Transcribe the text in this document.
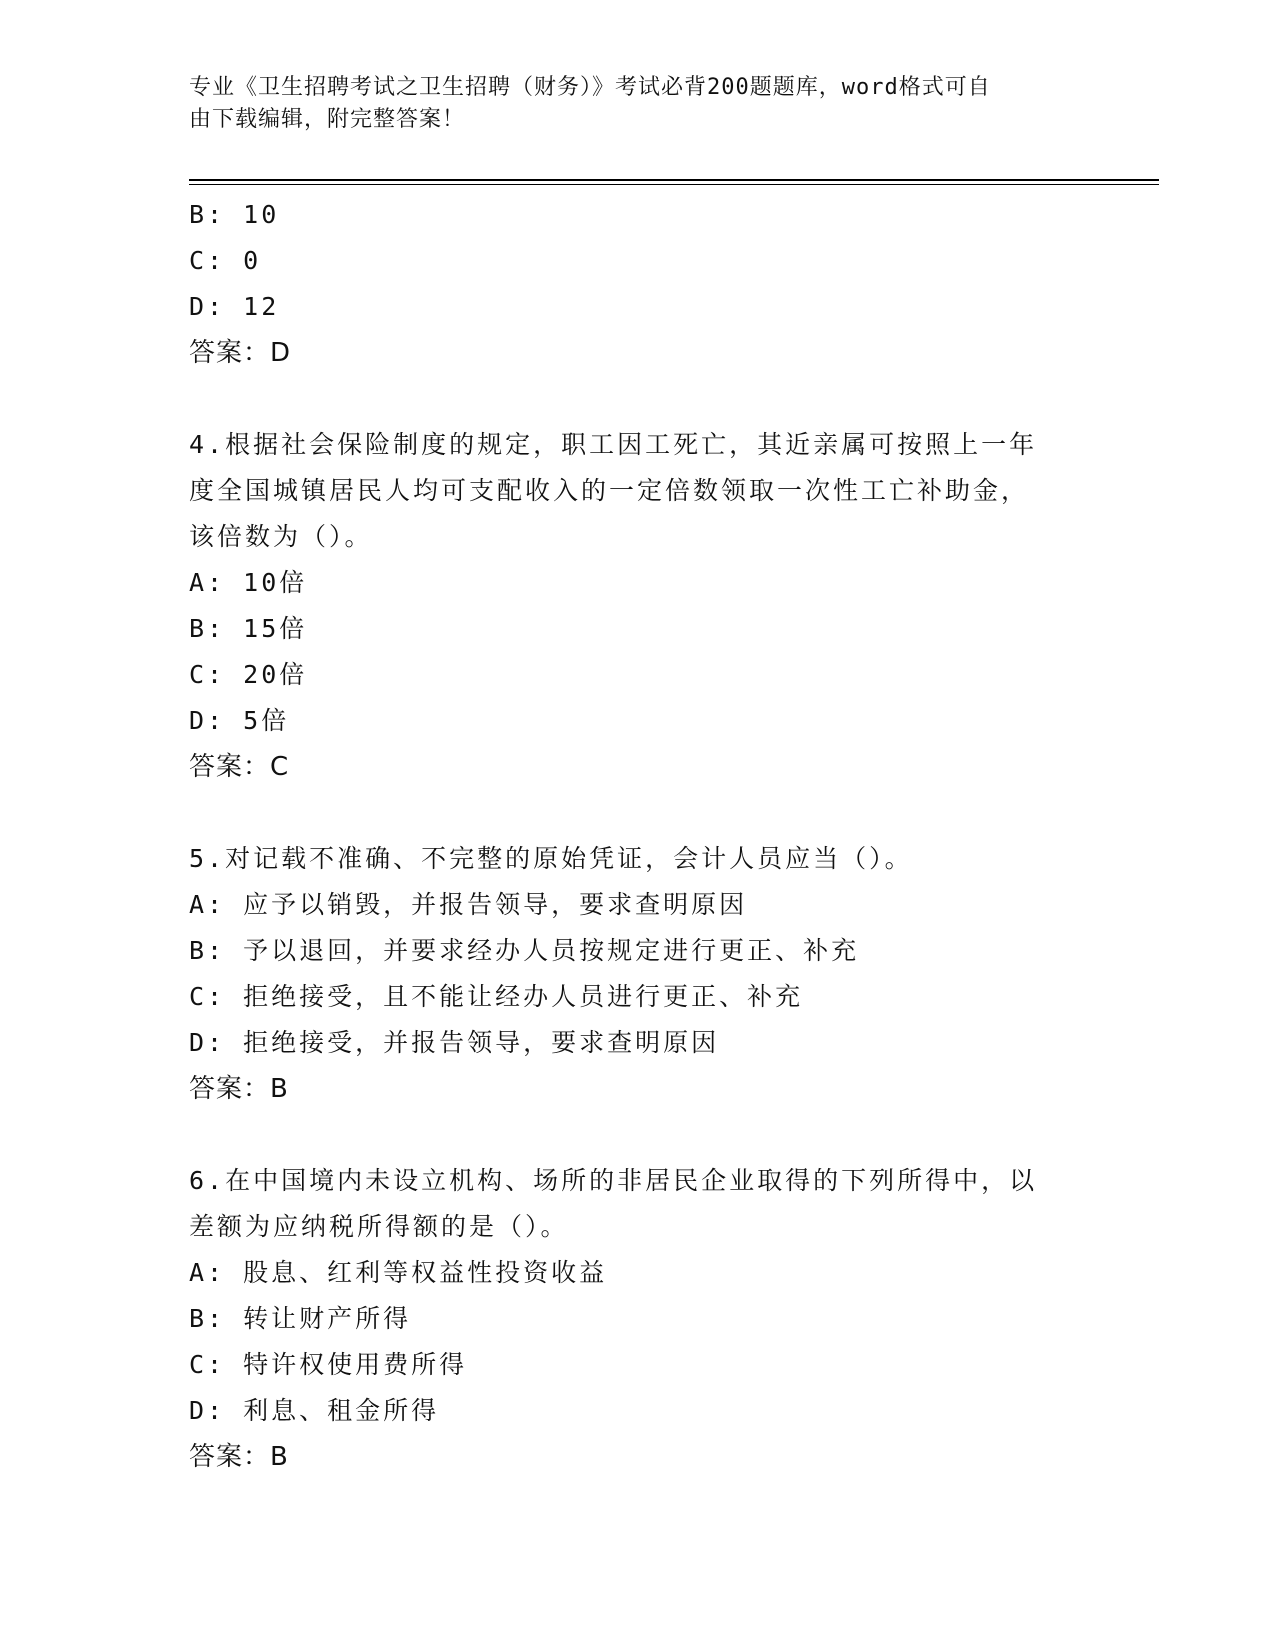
专业《卫生招聘考试之卫生招聘（财务）》考试必背200题题库，word格式可自
由下载编辑，附完整答案！
B: 10
C: 0
D: 12
答案：D
4.根据社会保险制度的规定，职工因工死亡，其近亲属可按照上一年
度全国城镇居民人均可支配收入的一定倍数领取一次性工亡补助金，
该倍数为（）。
A: 10倍
B: 15倍
C: 20倍
D: 5倍
答案：C
5.对记载不准确、不完整的原始凭证，会计人员应当（）。
A: 应予以销毁，并报告领导，要求查明原因
B: 予以退回，并要求经办人员按规定进行更正、补充
C: 拒绝接受，且不能让经办人员进行更正、补充
D: 拒绝接受，并报告领导，要求查明原因
答案：B
6.在中国境内未设立机构、场所的非居民企业取得的下列所得中，以
差额为应纳税所得额的是（）。
A: 股息、红利等权益性投资收益
B: 转让财产所得
C: 特许权使用费所得
D: 利息、租金所得
答案：B
